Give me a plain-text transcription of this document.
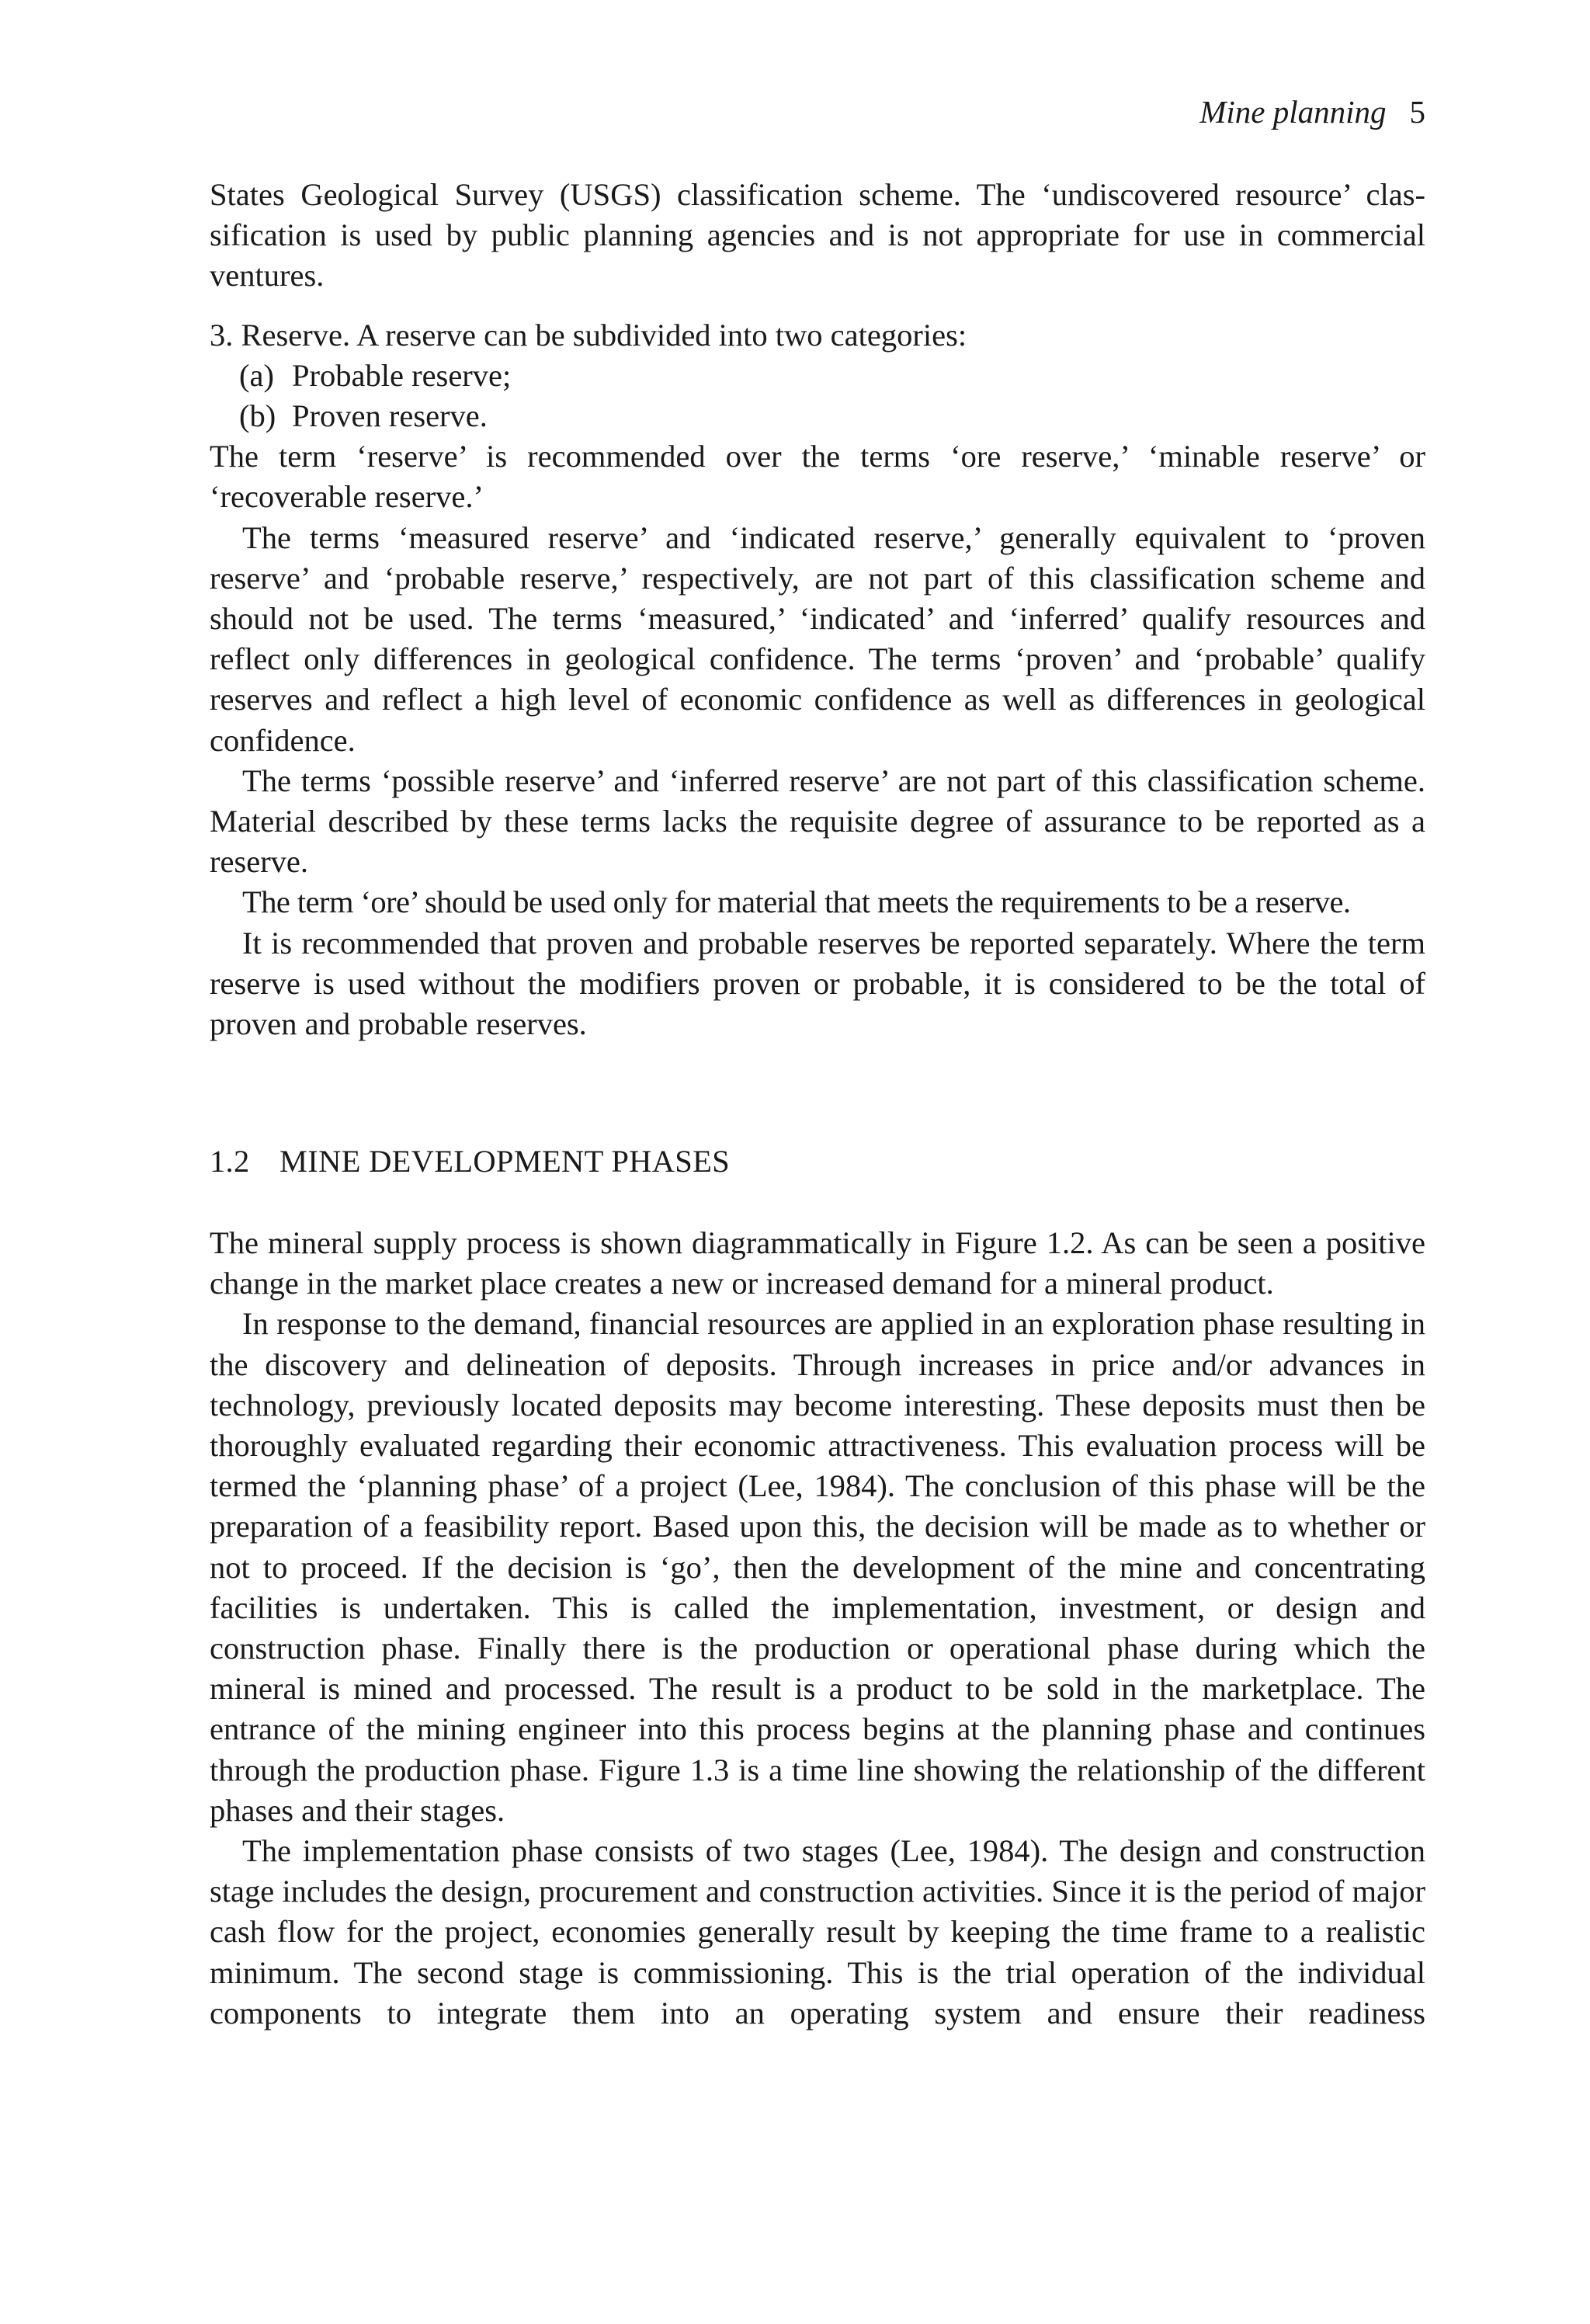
Mine planning 5

States Geological Survey (USGS) classification scheme. The ‘undiscovered resource’ classification is used by public planning agencies and is not appropriate for use in commercial ventures.

3. Reserve. A reserve can be subdivided into two categories:

(a) Probable reserve;
(b) Proven reserve.

The term ‘reserve’ is recommended over the terms ‘ore reserve,’ ‘minable reserve’ or ‘recoverable reserve.’

The terms ‘measured reserve’ and ‘indicated reserve,’ generally equivalent to ‘proven reserve’ and ‘probable reserve,’ respectively, are not part of this classification scheme and should not be used. The terms ‘measured,’ ‘indicated’ and ‘inferred’ qualify resources and reflect only differences in geological confidence. The terms ‘proven’ and ‘probable’ qualify reserves and reflect a high level of economic confidence as well as differences in geological confidence.

The terms ‘possible reserve’ and ‘inferred reserve’ are not part of this classification scheme. Material described by these terms lacks the requisite degree of assurance to be reported as a reserve.

The term ‘ore’ should be used only for material that meets the requirements to be a reserve.

It is recommended that proven and probable reserves be reported separately. Where the term reserve is used without the modifiers proven or probable, it is considered to be the total of proven and probable reserves.

1.2 MINE DEVELOPMENT PHASES

The mineral supply process is shown diagrammatically in Figure 1.2. As can be seen a positive change in the market place creates a new or increased demand for a mineral product.

In response to the demand, financial resources are applied in an exploration phase resulting in the discovery and delineation of deposits. Through increases in price and/or advances in technology, previously located deposits may become interesting. These deposits must then be thoroughly evaluated regarding their economic attractiveness. This evaluation process will be termed the ‘planning phase’ of a project (Lee, 1984). The conclusion of this phase will be the preparation of a feasibility report. Based upon this, the decision will be made as to whether or not to proceed. If the decision is ‘go’, then the development of the mine and concentrating facilities is undertaken. This is called the implementation, investment, or design and construction phase. Finally there is the production or operational phase during which the mineral is mined and processed. The result is a product to be sold in the marketplace. The entrance of the mining engineer into this process begins at the planning phase and continues through the production phase. Figure 1.3 is a time line showing the relationship of the different phases and their stages.

The implementation phase consists of two stages (Lee, 1984). The design and construction stage includes the design, procurement and construction activities. Since it is the period of major cash flow for the project, economies generally result by keeping the time frame to a realistic minimum. The second stage is commissioning. This is the trial operation of the individual components to integrate them into an operating system and ensure their readiness
